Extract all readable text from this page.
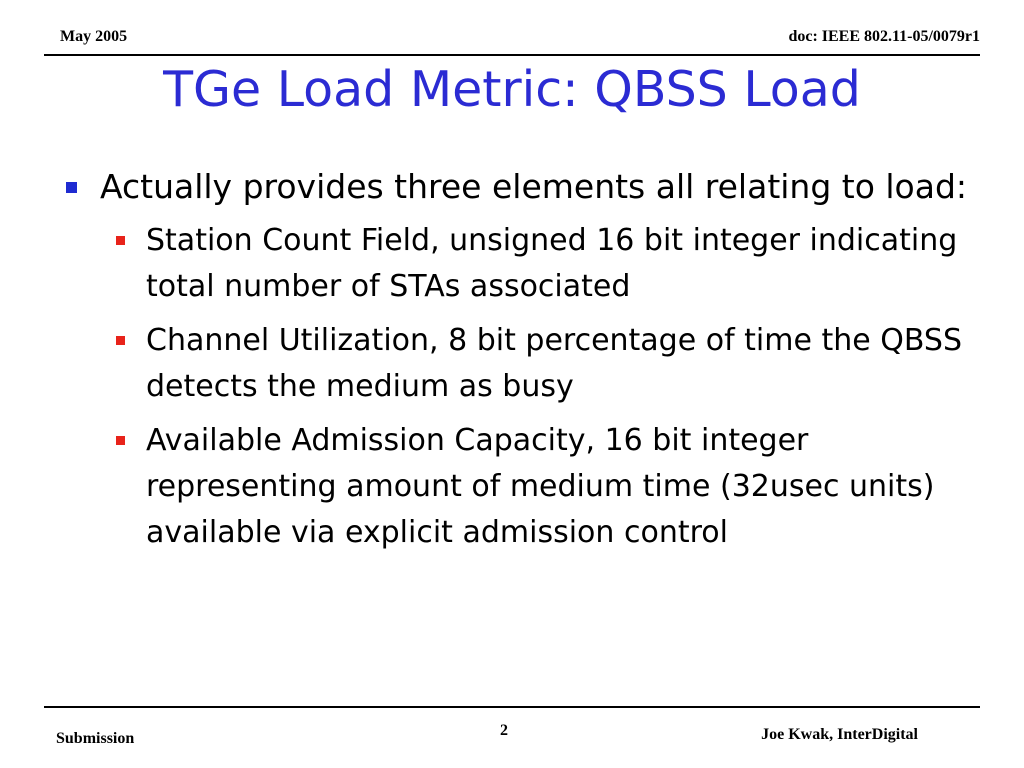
May 2005	doc: IEEE 802.11-05/0079r1
TGe Load Metric: QBSS Load
Actually provides three elements all relating to load:
Station Count Field, unsigned 16 bit integer indicating total number of STAs associated
Channel Utilization, 8 bit percentage of time the QBSS detects the medium as busy
Available Admission Capacity, 16 bit integer representing amount of medium time (32usec units) available via explicit admission control
Submission	2	Joe Kwak, InterDigital
